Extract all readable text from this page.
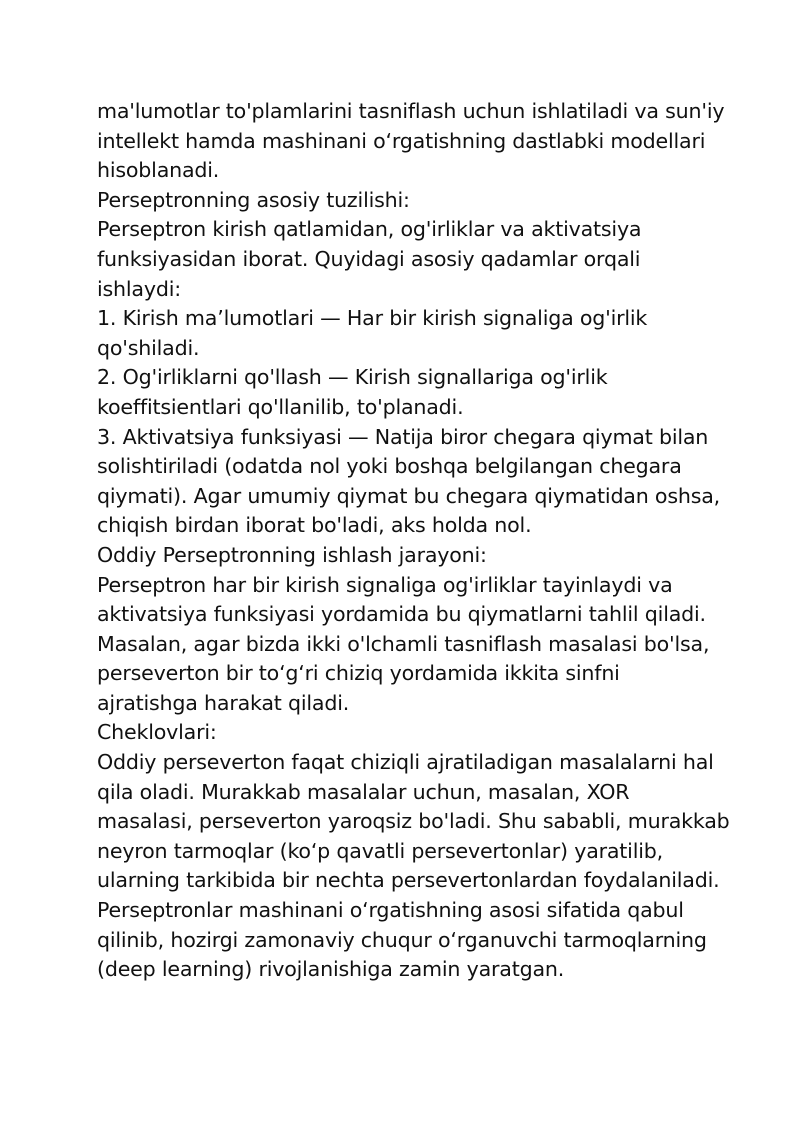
ma'lumotlar to'plamlarini tasniflash uchun ishlatiladi va sun'iy
intellekt hamda mashinani o‘rgatishning dastlabki modellari
hisoblanadi.
Perseptronning asosiy tuzilishi:
Perseptron kirish qatlamidan, og'irliklar va aktivatsiya
funksiyasidan iborat. Quyidagi asosiy qadamlar orqali
ishlaydi:
1. Kirish ma’lumotlari — Har bir kirish signaliga og'irlik
qo'shiladi.
2. Og'irliklarni qo'llash — Kirish signallariga og'irlik
koeffitsientlari qo'llanilib, to'planadi.
3. Aktivatsiya funksiyasi — Natija biror chegara qiymat bilan
solishtiriladi (odatda nol yoki boshqa belgilangan chegara
qiymati). Agar umumiy qiymat bu chegara qiymatidan oshsa,
chiqish birdan iborat bo'ladi, aks holda nol.
Oddiy Perseptronning ishlash jarayoni:
Perseptron har bir kirish signaliga og'irliklar tayinlaydi va
aktivatsiya funksiyasi yordamida bu qiymatlarni tahlil qiladi.
Masalan, agar bizda ikki o'lchamli tasniflash masalasi bo'lsa,
perseverton bir to‘g‘ri chiziq yordamida ikkita sinfni
ajratishga harakat qiladi.
Cheklovlari:
Oddiy perseverton faqat chiziqli ajratiladigan masalalarni hal
qila oladi. Murakkab masalalar uchun, masalan, XOR
masalasi, perseverton yaroqsiz bo'ladi. Shu sababli, murakkab
neyron tarmoqlar (ko‘p qavatli persevertonlar) yaratilib,
ularning tarkibida bir nechta persevertonlardan foydalaniladi.
Perseptronlar mashinani o‘rgatishning asosi sifatida qabul
qilinib, hozirgi zamonaviy chuqur o‘rganuvchi tarmoqlarning
(deep learning) rivojlanishiga zamin yaratgan.
